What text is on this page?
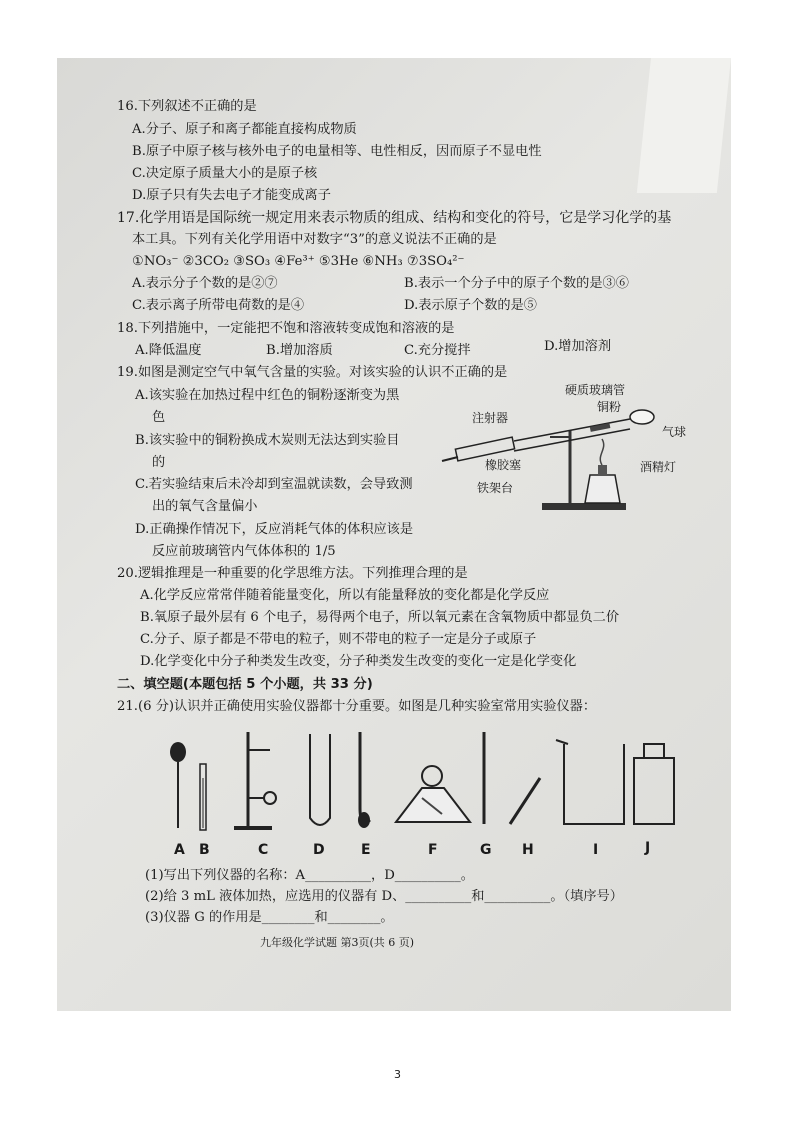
16.下列叙述不正确的是
A.分子、原子和离子都能直接构成物质
B.原子中原子核与核外电子的电量相等、电性相反，因而原子不显电性
C.决定原子质量大小的是原子核
D.原子只有失去电子才能变成离子
17.化学用语是国际统一规定用来表示物质的组成、结构和变化的符号，它是学习化学的基
本工具。下列有关化学用语中对数字“3”的意义说法不正确的是
①NO₃⁻ ②3CO₂ ③SO₃ ④Fe³⁺ ⑤3He ⑥NH₃ ⑦3SO₄²⁻
A.表示分子个数的是②⑦	B.表示一个分子中的原子个数的是③⑥
C.表示离子所带电荷数的是④	D.表示原子个数的是⑤
18.下列措施中，一定能把不饱和溶液转变成饱和溶液的是
A.降低温度	B.增加溶质	C.充分搅拌	D.增加溶剂
19.如图是测定空气中氧气含量的实验。对该实验的认识不正确的是
A.该实验在加热过程中红色的铜粉逐渐变为黑
色
B.该实验中的铜粉换成木炭则无法达到实验目
的
C.若实验结束后未冷却到室温就读数，会导致测
出的氧气含量偏小
D.正确操作情况下，反应消耗气体的体积应该是
反应前玻璃管内气体体积的 1/5
硬质玻璃管
注射器
铜粉
气球
橡胶塞	酒精灯
铁架台
20.逻辑推理是一种重要的化学思维方法。下列推理合理的是
A.化学反应常常伴随着能量变化，所以有能量释放的变化都是化学反应
B.氧原子最外层有 6 个电子，易得两个电子，所以氧元素在含氧物质中都显负二价
C.分子、原子都是不带电的粒子，则不带电的粒子一定是分子或原子
D.化学变化中分子种类发生改变，分子种类发生改变的变化一定是化学变化
二、填空题(本题包括 5 个小题，共 33 分)
21.(6 分)认识并正确使用实验仪器都十分重要。如图是几种实验室常用实验仪器：
A B	C	D	E	F	G H	I	J
(1)写出下列仪器的名称：A__________，D__________。
(2)给 3 mL 液体加热，应选用的仪器有 D、__________和__________。（填序号）
(3)仪器 G 的作用是________和________。
九年级化学试题 第3页(共 6 页)
3
